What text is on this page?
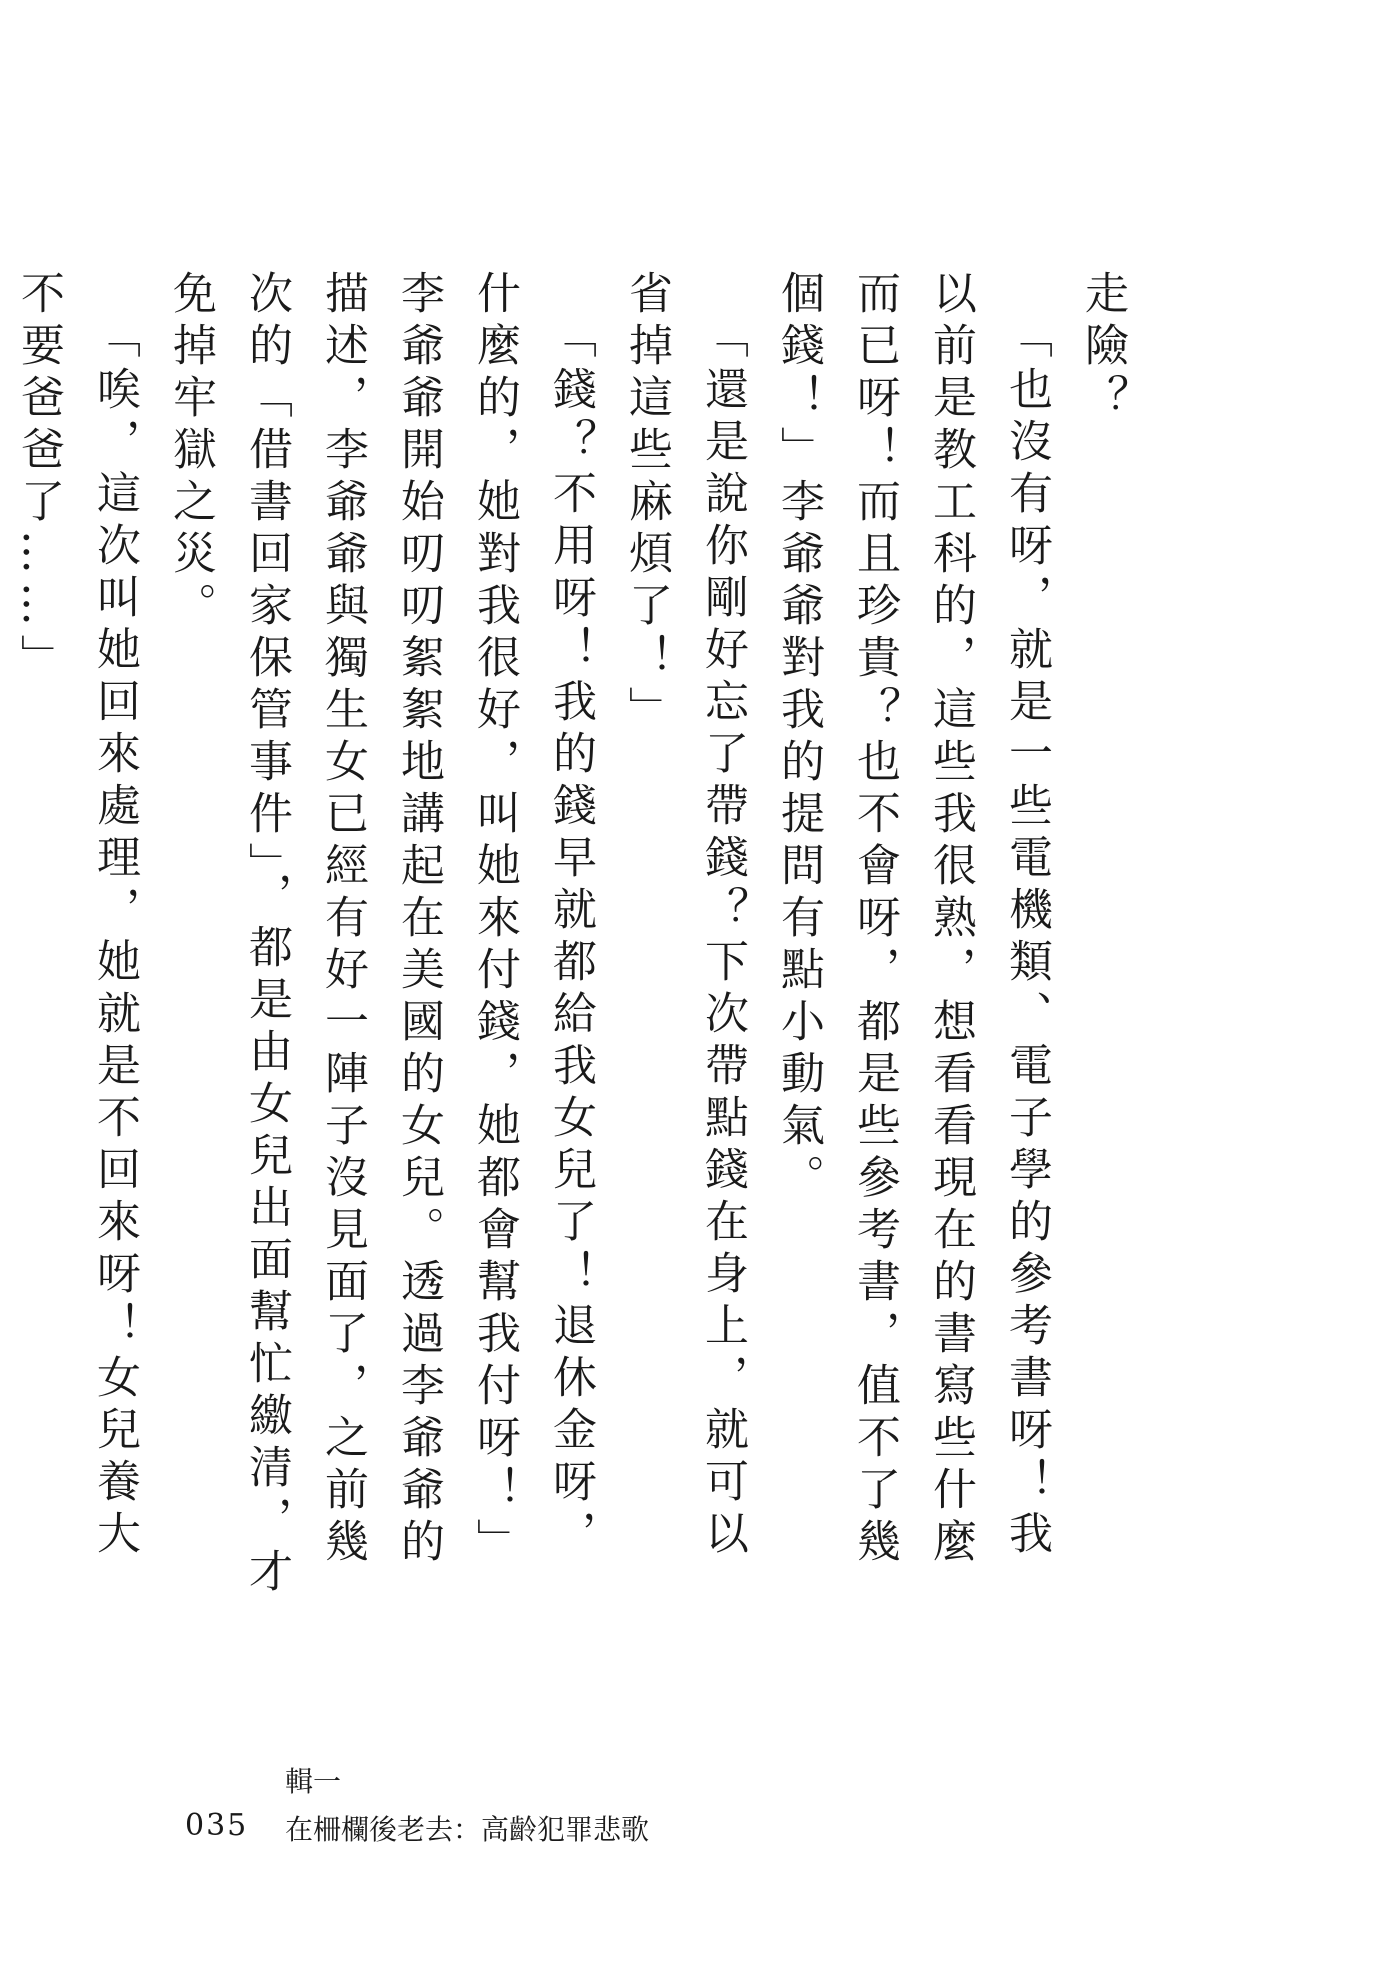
走險？

「也沒有呀，就是一些電機類、電子學的參考書呀！我以前是教工科的，這些我很熟，想看看現在的書寫些什麼而已呀！而且珍貴？也不會呀，都是些參考書，值不了幾個錢！」李爺爺對我的提問有點小動氣。

「還是說你剛好忘了帶錢？下次帶點錢在身上，就可以省掉這些麻煩了！」

「錢？不用呀！我的錢早就都給我女兒了！退休金呀，什麼的，她對我很好，叫她來付錢，她都會幫我付呀！」李爺爺開始叨叨絮絮地講起在美國的女兒。透過李爺爺的描述，李爺爺與獨生女已經有好一陣子沒見面了，之前幾次的「借書回家保管事件」，都是由女兒出面幫忙繳清，才免掉牢獄之災。

「唉，這次叫她回來處理，她就是不回來呀！女兒養大不要爸爸了……」

035
輯一
在柵欄後老去：高齡犯罪悲歌
